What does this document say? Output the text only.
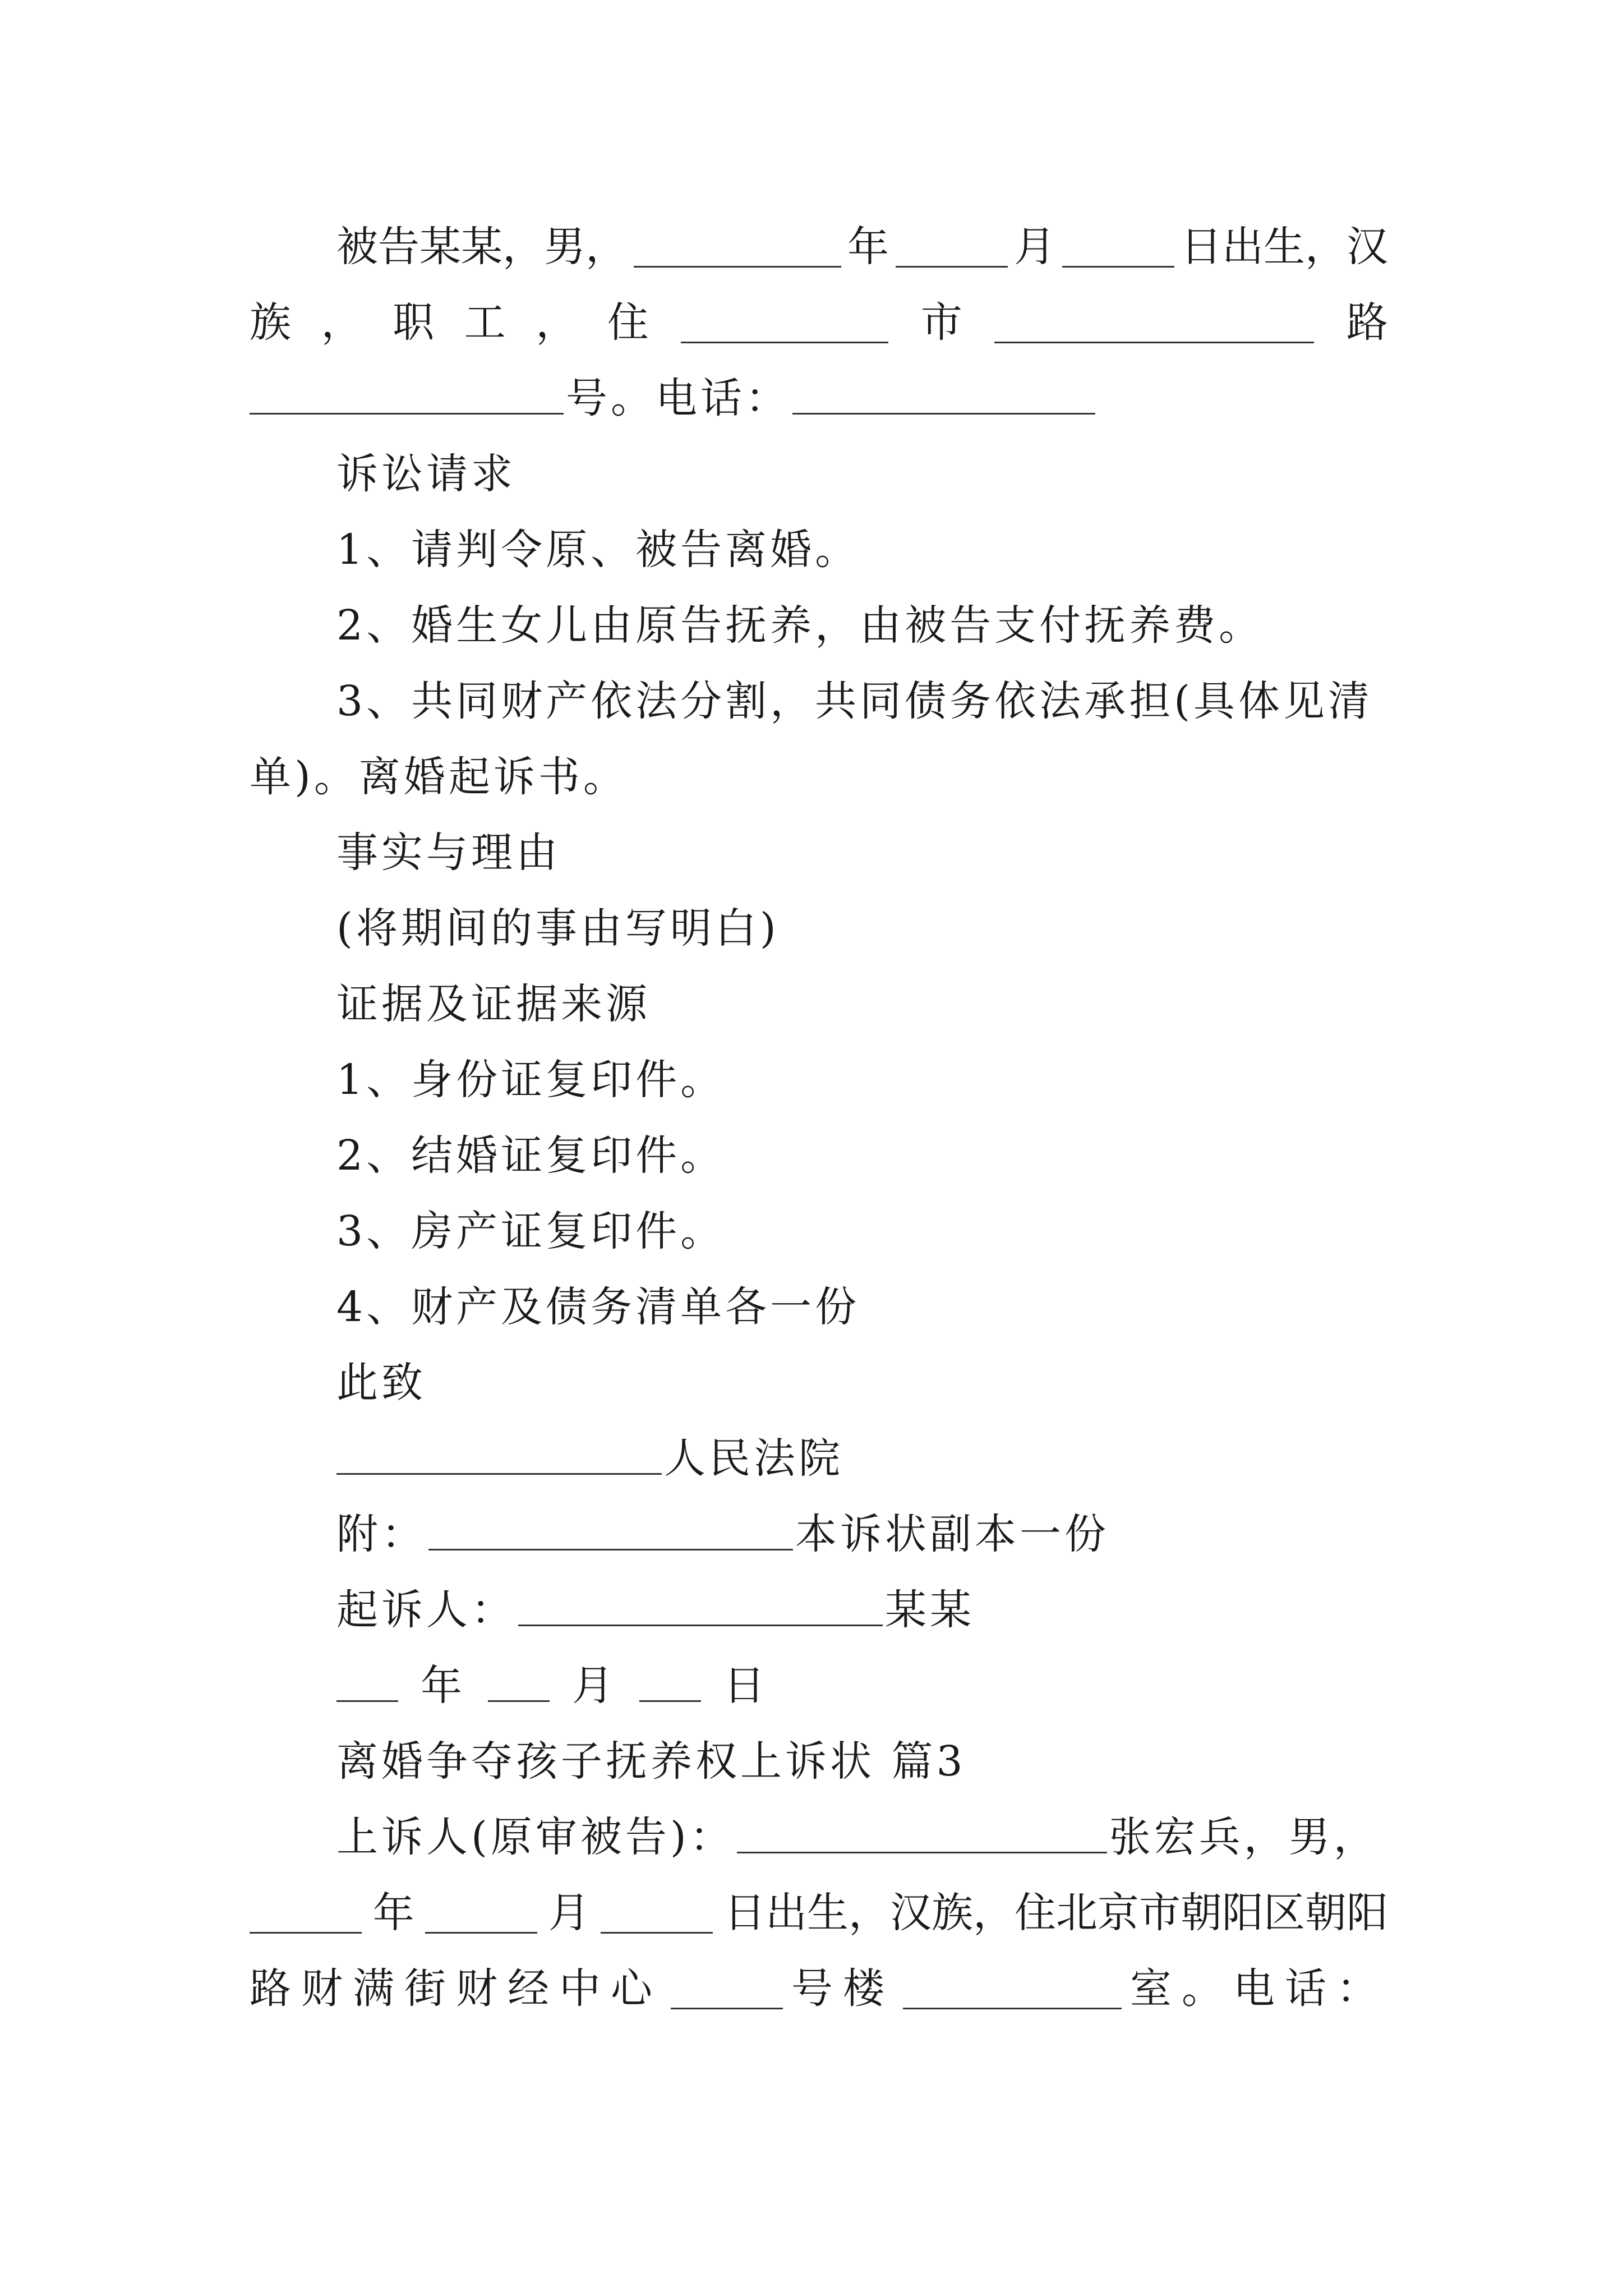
被告某某，男，	年	月	日出生，汉
族 ， 职 工 ， 住	市	路
号。电话：
诉讼请求
1、请判令原、被告离婚。
2、婚生女儿由原告抚养，由被告支付抚养费。
3、共同财产依法分割，共同债务依法承担(具体见清
单)。离婚起诉书。
事实与理由
(将期间的事由写明白)
证据及证据来源
1、身份证复印件。
2、结婚证复印件。
3、房产证复印件。
4、财产及债务清单各一份
此致
人民法院
附：	本诉状副本一份
起诉人：	某某
年	月	日
离婚争夺孩子抚养权上诉状 篇3
上诉人(原审被告)：	张宏兵，男，
年	月	日出生，汉族，住北京市朝阳区朝阳
路财满街财经中心	号楼	室。电话：
